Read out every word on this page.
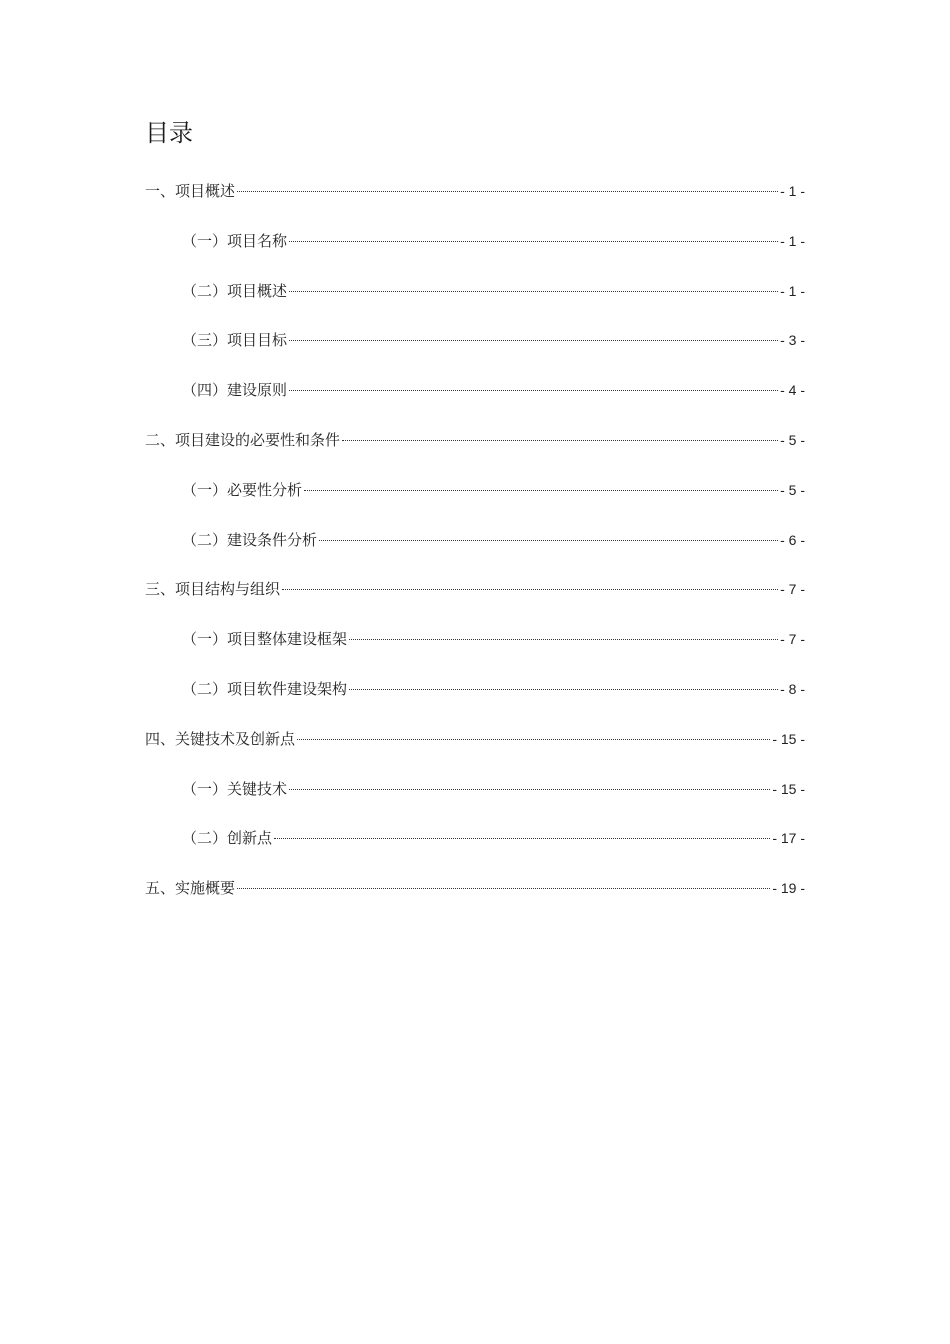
目录
一、项目概述	- 1 -
（一）项目名称	- 1 -
（二）项目概述	- 1 -
（三）项目目标	- 3 -
（四）建设原则	- 4 -
二、项目建设的必要性和条件	- 5 -
（一）必要性分析	- 5 -
（二）建设条件分析	- 6 -
三、项目结构与组织	- 7 -
（一）项目整体建设框架	- 7 -
（二）项目软件建设架构	- 8 -
四、关键技术及创新点	- 15 -
（一）关键技术	- 15 -
（二）创新点	- 17 -
五、实施概要	- 19 -
